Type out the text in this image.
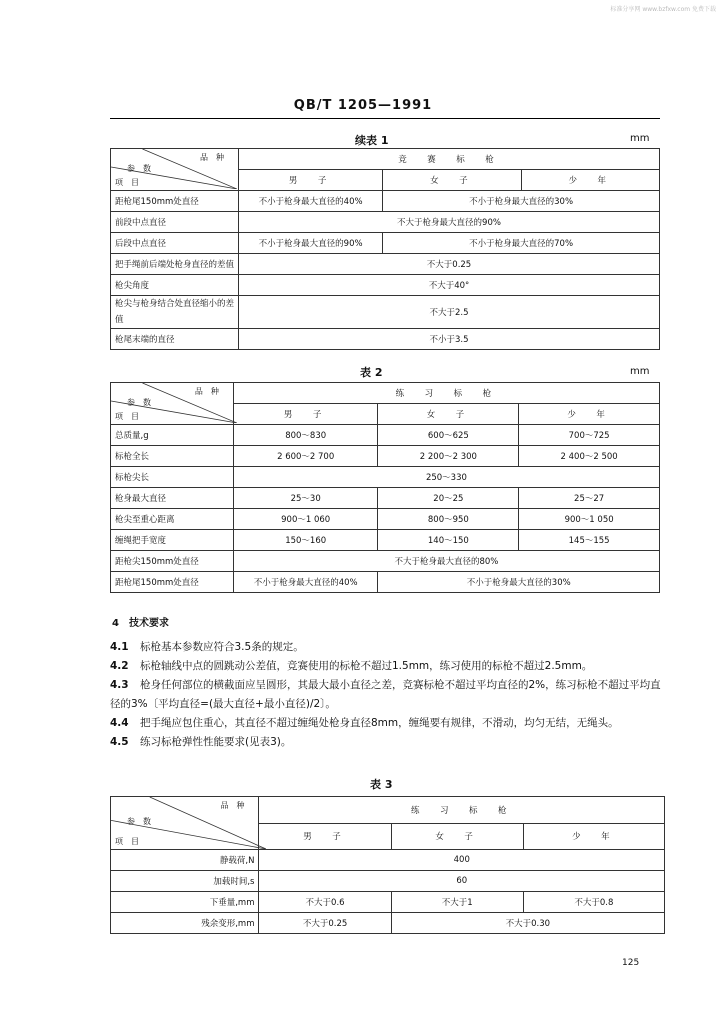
标准分享网 www.bzfxw.com 免费下载
QB/T 1205—1991
续表 1	mm
品　种
参　数
项　目	竞　赛　标　枪		
	男　子	女　子	少　年
距枪尾150mm处直径	不小于枪身最大直径的40%	不小于枪身最大直径的30%	
前段中点直径	不大于枪身最大直径的90%		
后段中点直径	不小于枪身最大直径的90%	不小于枪身最大直径的70%	
把手绳前后端处枪身直径的差值	不大于0.25		
枪尖角度	不大于40°		
枪尖与枪身结合处直径缩小的差值	不大于2.5		
枪尾末端的直径	不小于3.5		
表 2	mm
品　种
参　数
项　目	练　习　标　枪		
	男　子	女　子	少　年
总质量,g	800～830	600～625	700～725
标枪全长	2 600～2 700	2 200～2 300	2 400～2 500
标枪尖长	250～330		
枪身最大直径	25～30	20～25	25～27
枪尖至重心距离	900～1 060	800～950	900～1 050
缠绳把手宽度	150～160	140～150	145～155
距枪尖150mm处直径	不大于枪身最大直径的80%		
距枪尾150mm处直径	不小于枪身最大直径的40%	不小于枪身最大直径的30%	
4　技术要求
4.1 标枪基本参数应符合3.5条的规定。
4.2 标枪轴线中点的圆跳动公差值，竞赛使用的标枪不超过1.5mm，练习使用的标枪不超过2.5mm。
4.3 枪身任何部位的横截面应呈圆形，其最大最小直径之差，竞赛标枪不超过平均直径的2%，练习标枪不超过平均直径的3%〔平均直径=(最大直径+最小直径)/2〕。
4.4 把手绳应包住重心，其直径不超过缠绳处枪身直径8mm，缠绳要有规律，不滑动，均匀无结，无绳头。
4.5 练习标枪弹性性能要求(见表3)。
表 3
品　种
参　数
项　目	练　习　标　枪		
	男　子	女　子	少　年
静载荷,N	400		
加载时间,s	60		
下垂量,mm	不大于0.6	不大于1	不大于0.8
残余变形,mm	不大于0.25	不大于0.30	
125
